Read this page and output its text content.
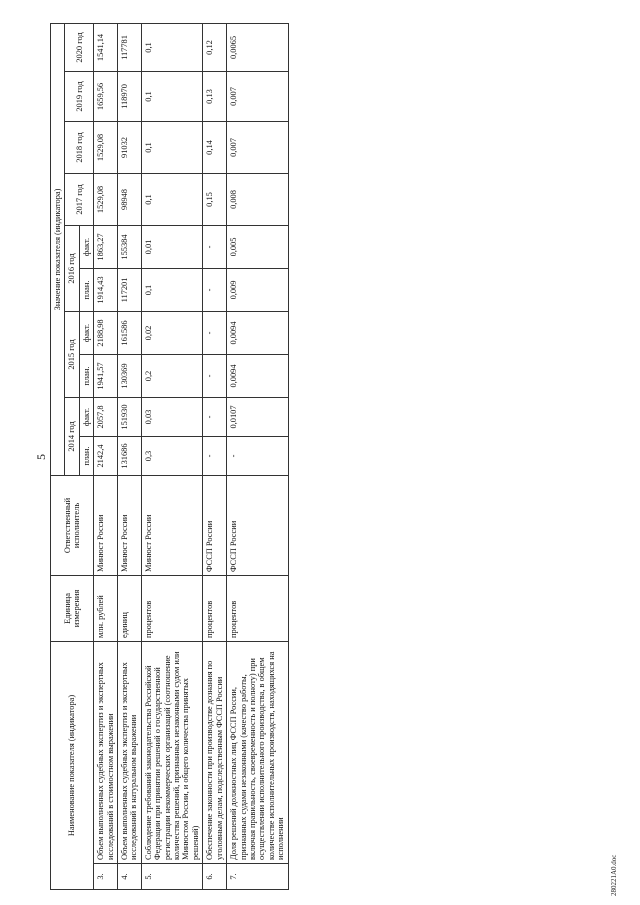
5
Наименование показателя (индикатора)		Единица измерения	Ответственный исполнитель	Значение показателя (индикатора)									
				2014 год		2015 год		2016 год		2017 год	2018 год	2019 год	2020 год
				план.	факт.	план.	факт.	план.	факт.				
3.	Объем выполненных судебных экспертиз и экспертных исследований в стоимостном выражении	млн. рублей	Минюст России	2142,4	2057,8	1941,57	2188,98	1914,43	1863,27	1529,08	1529,08	1659,56	1541,14
4.	Объем выполненных судебных экспертиз и экспертных исследований в натуральном выражении	единиц	Минюст России	131686	151930	130369	161586	117201	155384	98948	91032	118970	117781
5.	Соблюдение требований законодательства Российской Федерации при принятии решений о государственной регистрации некоммерческих организаций (соотношение количества решений, признанных незаконными судом или Минюстом России, и общего количества принятых решений)	процентов	Минюст России	0,3	0,03	0,2	0,02	0,1	0,01	0,1	0,1	0,1	0,1
6.	Обеспечение законности при производстве дознания по уголовным делам, подследственным ФССП России	процентов	ФССП России	-	-	-	-	-	-	0,15	0,14	0,13	0,12
7.	Доля решений должностных лиц ФССП России, признанных судами незаконными (качество работы, включая правильность, своевременность и полноту) при осуществлении исполнительного производства, в общем количестве исполнительных производств, находящихся на исполнении	процентов	ФССП России	-	0,0107	0,0094	0,0094	0,009	0,005	0,008	0,007	0,007	0,0065
280221A0.doc
